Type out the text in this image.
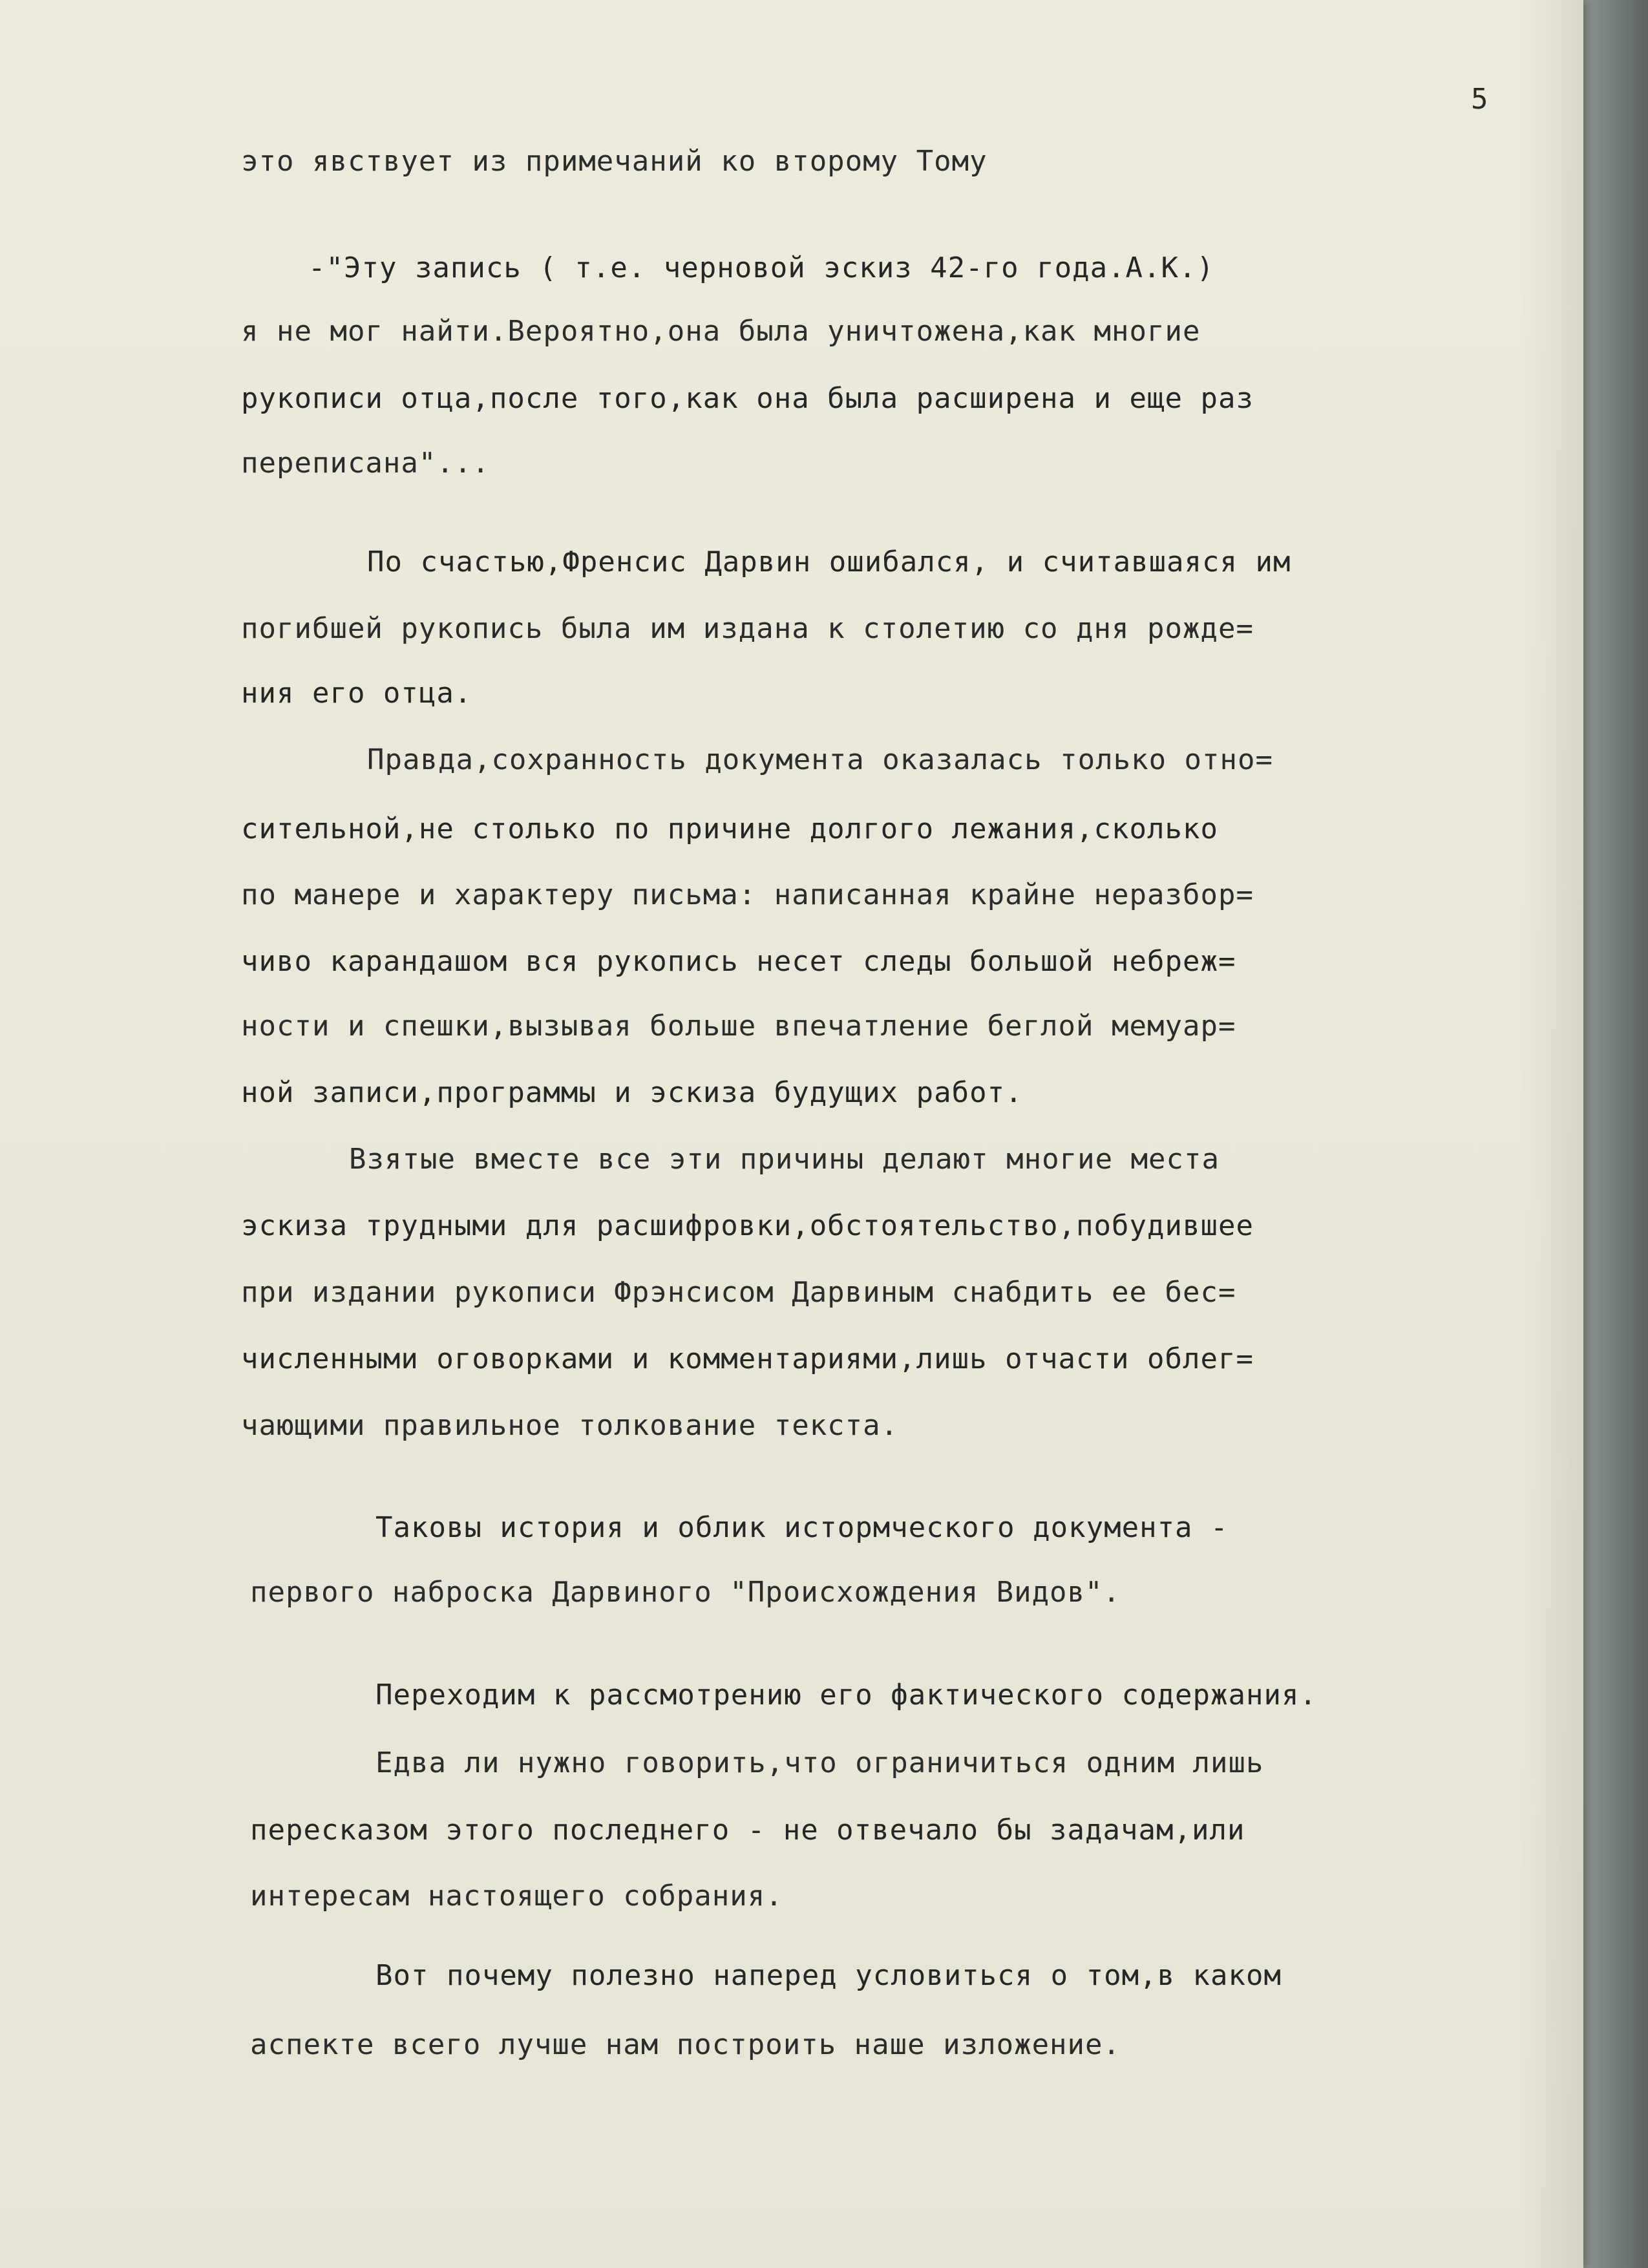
5
это явствует из примечаний ко второму Тому
-"Эту запись ( т.е. черновой эскиз 42-го года.А.К.)
я не мог найти.Вероятно,она была уничтожена,как многие
рукописи отца,после того,как она была расширена и еще раз
переписана"...
По счастью,Френсис Дарвин ошибался, и считавшаяся им
погибшей рукопись была им издана к столетию со дня рожде=
ния его отца.
Правда,сохранность документа оказалась только отно=
сительной,не столько по причине долгого лежания,сколько
по манере и характеру письма: написанная крайне неразбор=
чиво карандашом вся рукопись несет следы большой небреж=
ности и спешки,вызывая больше впечатление беглой мемуар=
ной записи,программы и эскиза будущих работ.
Взятые вместе все эти причины делают многие места
эскиза трудными для расшифровки,обстоятельство,побудившее
при издании рукописи Фрэнсисом Дарвиным снабдить ее бес=
численными оговорками и комментариями,лишь отчасти облег=
чающими правильное толкование текста.
Таковы история и облик истормческого документа -
первого наброска Дарвиного "Происхождения Видов".
Переходим к рассмотрению его фактического содержания.
Едва ли нужно говорить,что ограничиться одним лишь
пересказом этого последнего - не отвечало бы задачам,или
интересам настоящего собрания.
Вот почему полезно наперед условиться о том,в каком
аспекте всего лучше нам построить наше изложение.
